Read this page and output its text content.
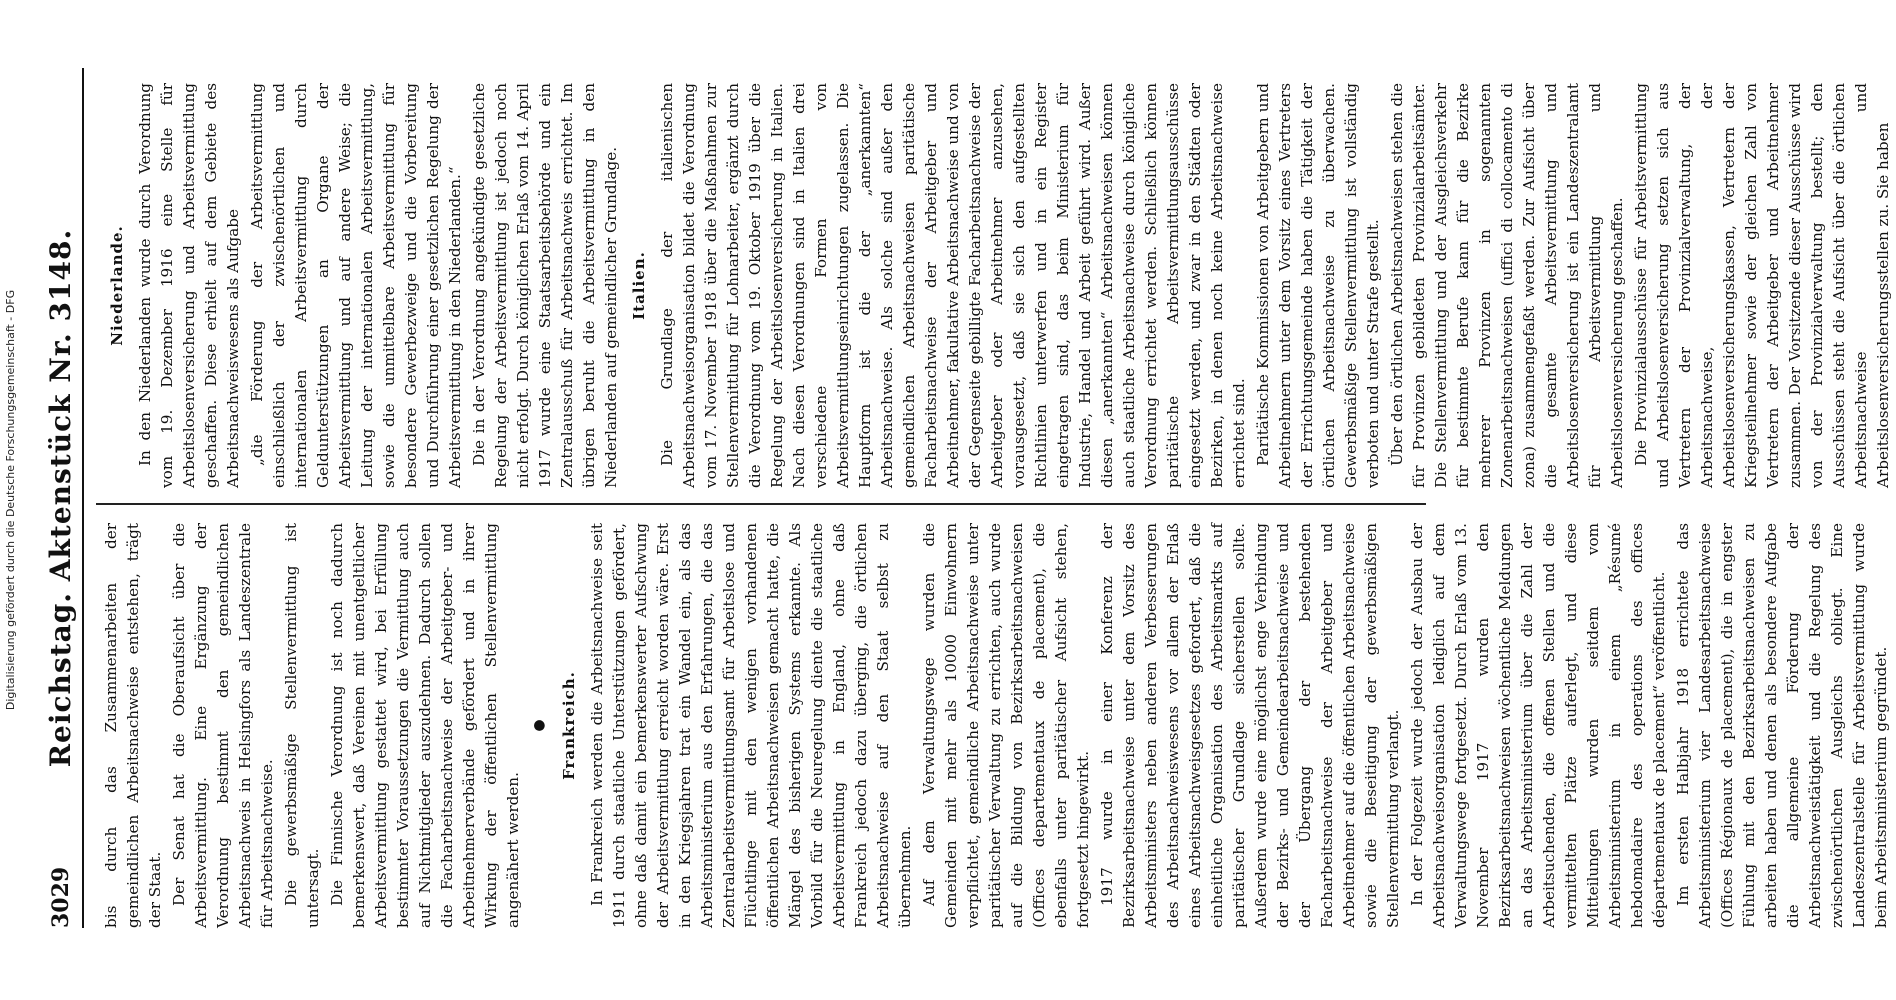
3029
Reichstag. Aktenstück Nr. 3148. bis durch das Zusammenarbeiten der gemeindlichen Arbeitsnachweise entstehen, trägt der Staat. Der Senat hat die Oberaufsicht über die Arbeitsvermittlung. Eine Ergänzung der Verordnung bestimmt den gemeindlichen Arbeitsnachweis in Helsingfors als Landeszentrale für Arbeitsnachweise. Die gewerbsmäßige Stellenvermittlung ist untersagt. Die Finnische Verordnung ist noch dadurch bemerkenswert, daß Vereinen mit unentgeltlicher Arbeitsvermittlung gestattet wird, bei Erfüllung bestimmter Voraussetzungen die Vermittlung auch auf Nichtmitglieder auszudehnen. Dadurch sollen die Facharbeitsnachweise der Arbeitgeber- und Arbeitnehmerverbände gefördert und in ihrer Wirkung der öffentlichen Stellenvermittlung angenähert werden.

● Frankreich. In Frankreich werden die Arbeitsnachweise seit 1911 durch staatliche Unterstützungen gefördert, ohne daß damit ein bemerkenswerter Aufschwung der Arbeitsvermittlung erreicht worden wäre. Erst in den Kriegsjahren trat ein Wandel ein, als das Arbeitsministerium aus den Erfahrungen, die das Zentralarbeitsvermittlungsamt für Arbeitslose und Flüchtlinge mit den wenigen vorhandenen öffentlichen Arbeitsnachweisen gemacht hatte, die Mängel des bisherigen Systems erkannte. Als Vorbild für die Neuregelung diente die staatliche Arbeitsvermittlung in England, ohne daß Frankreich jedoch dazu überging, die örtlichen Arbeitsnachweise auf den Staat selbst zu übernehmen. Auf dem Verwaltungswege wurden die Gemeinden mit mehr als 10000 Einwohnern verpflichtet, gemeindliche Arbeitsnachweise unter paritätischer Verwaltung zu errichten, auch wurde auf die Bildung von Bezirksarbeitsnachweisen (Offices departementaux de placement), die ebenfalls unter paritätischer Aufsicht stehen, fortgesetzt hingewirkt. 1917 wurde in einer Konferenz der Bezirksarbeitsnachweise unter dem Vorsitz des Arbeitsministers neben anderen Verbesserungen des Arbeitsnachweiswesens vor allem der Erlaß eines Arbeitsnachweisgesetzes gefordert, daß die einheitliche Organisation des Arbeitsmarkts auf paritätischer Grundlage sicherstellen sollte. Außerdem wurde eine möglichst enge Verbindung der Bezirks- und Gemeindearbeitsnachweise und der Übergang der bestehenden Facharbeitsnachweise der Arbeitgeber und Arbeitnehmer auf die öffentlichen Arbeitsnachweise sowie die Beseitigung der gewerbsmäßigen Stellenvermittlung verlangt. In der Folgezeit wurde jedoch der Ausbau der Arbeitsnachweisorganisation lediglich auf dem Verwaltungswege fortgesetzt. Durch Erlaß vom 13. November 1917 wurden den Bezirksarbeitsnachweisen wöchentliche Meldungen an das Arbeitsministerium über die Zahl der Arbeitsuchenden, die offenen Stellen und die vermittelten Plätze auferlegt, und diese Mitteilungen wurden seitdem vom Arbeitsministerium in einem „Résumé hebdomadaire des operations des offices départementaux de placement“ veröffentlicht. Im ersten Halbjahr 1918 errichtete das Arbeitsministerium vier Landesarbeitsnachweise (Offices Régionaux de placement), die in engster Fühlung mit den Bezirksarbeitsnachweisen zu arbeiten haben und denen als besondere Aufgabe die allgemeine Förderung der Arbeitsnachweistätigkeit und die Regelung des zwischenörtlichen Ausgleichs obliegt. Eine Landeszentralstelle für Arbeitsvermittlung wurde beim Arbeitsministerium gegründet.

Niederlande. In den Niederlanden wurde durch Verordnung vom 19. Dezember 1916 eine Stelle für Arbeitslosenversicherung und Arbeitsvermittlung geschaffen. Diese erhielt auf dem Gebiete des Arbeitsnachweiswesens als Aufgabe „die Förderung der Arbeitsvermittlung einschließlich der zwischenörtlichen und internationalen Arbeitsvermittlung durch Geldunterstützungen an Organe der Arbeitsvermittlung und auf andere Weise; die Leitung der internationalen Arbeitsvermittlung, sowie die unmittelbare Arbeitsvermittlung für besondere Gewerbezweige und die Vorbereitung und Durchführung einer gesetzlichen Regelung der Arbeitsvermittlung in den Niederlanden.“ Die in der Verordnung angekündigte gesetzliche Regelung der Arbeitsvermittlung ist jedoch noch nicht erfolgt. Durch königlichen Erlaß vom 14. April 1917 wurde eine Staatsarbeitsbehörde und ein Zentralausschuß für Arbeitsnachweis errichtet. Im übrigen beruht die Arbeitsvermittlung in den Niederlanden auf gemeindlicher Grundlage. Italien. Die Grundlage der italienischen Arbeitsnachweisorganisation bildet die Verordnung vom 17. November 1918 über die Maßnahmen zur Stellenvermittlung für Lohnarbeiter, ergänzt durch die Verordnung vom 19. Oktober 1919 über die Regelung der Arbeitslosenversicherung in Italien. Nach diesen Verordnungen sind in Italien drei verschiedene Formen von Arbeitsvermittlungseinrichtungen zugelassen. Die Hauptform ist die der „anerkannten“ Arbeitsnachweise. Als solche sind außer den gemeindlichen Arbeitsnachweisen paritätische Facharbeitsnachweise der Arbeitgeber und Arbeitnehmer, fakultative Arbeitsnachweise und von der Gegenseite gebilligte Facharbeitsnachweise der Arbeitgeber oder Arbeitnehmer anzusehen, vorausgesetzt, daß sie sich den aufgestellten Richtlinien unterwerfen und in ein Register eingetragen sind, das beim Ministerium für Industrie, Handel und Arbeit geführt wird. Außer diesen „anerkannten“ Arbeitsnachweisen können auch staatliche Arbeitsnachweise durch königliche Verordnung errichtet werden. Schließlich können paritätische Arbeitsvermittlungsausschüsse eingesetzt werden, und zwar in den Städten oder Bezirken, in denen noch keine Arbeitsnachweise errichtet sind. Paritätische Kommissionen von Arbeitgebern und Arbeitnehmern unter dem Vorsitz eines Vertreters der Errichtungsgemeinde haben die Tätigkeit der örtlichen Arbeitsnachweise zu überwachen. Gewerbsmäßige Stellenvermittlung ist vollständig verboten und unter Strafe gestellt. Über den örtlichen Arbeitsnachweisen stehen die für Provinzen gebildeten Provinzialarbeitsämter. Die Stellenvermittlung und der Ausgleichsverkehr für bestimmte Berufe kann für die Bezirke mehrerer Provinzen in sogenannten Zonenarbeitsnachweisen (uffici di collocamento di zona) zusammengefaßt werden. Zur Aufsicht über die gesamte Arbeitsvermittlung und Arbeitslosenversicherung ist ein Landeszentralamt für Arbeitsvermittlung und Arbeitslosenversicherung geschaffen. Die Provinzialausschüsse für Arbeitsvermittlung und Arbeitslosenversicherung setzen sich aus Vertretern der Provinzialverwaltung, der Arbeitsnachweise, der Arbeitslosenversicherungskassen, Vertretern der Kriegsteilnehmer sowie der gleichen Zahl von Vertretern der Arbeitgeber und Arbeitnehmer zusammen. Der Vorsitzende dieser Ausschüsse wird von der Provinzialverwaltung bestellt; den Ausschüssen steht die Aufsicht über die örtlichen Arbeitsnachweise und Arbeitslosenversicherungsstellen zu. Sie haben

Digitalisierung gefördert durch die Deutsche Forschungsgemeinschaft - DFG
